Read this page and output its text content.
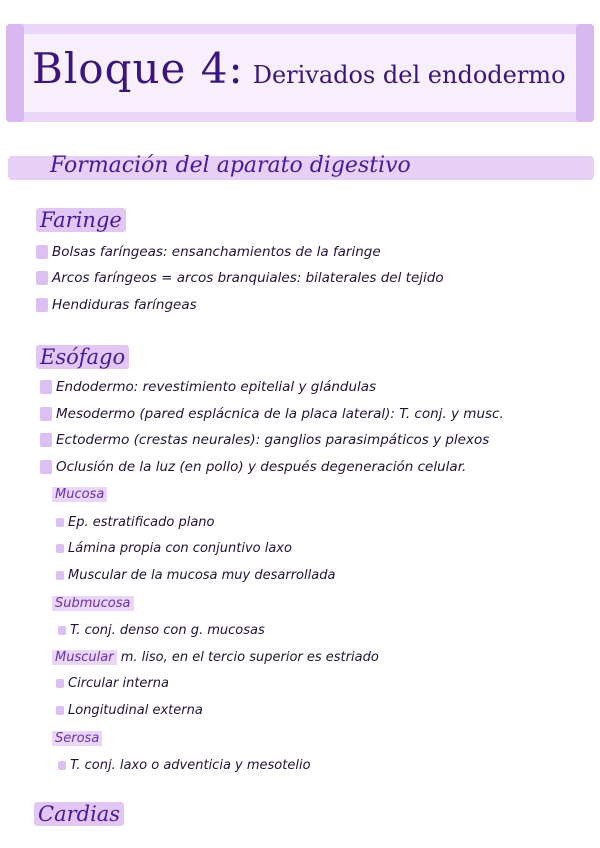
Bloque 4: Derivados del endodermo
Formación del aparato digestivo
Faringe
Bolsas faríngeas: ensanchamientos de la faringe
Arcos faríngeos = arcos branquiales: bilaterales del tejido
Hendiduras faríngeas
Esófago
Endodermo: revestimiento epitelial y glándulas
Mesodermo (pared esplácnica de la placa lateral): T. conj. y musc.
Ectodermo (crestas neurales): ganglios parasimpáticos y plexos
Oclusión de la luz (en pollo) y después degeneración celular.
Mucosa
Ep. estratificado plano
Lámina propia con conjuntivo laxo
Muscular de la mucosa muy desarrollada
Submucosa
T. conj. denso con g. mucosas
Muscular m. liso, en el tercio superior es estriado
Circular interna
Longitudinal externa
Serosa
T. conj. laxo o adventicia y mesotelio
Cardias
